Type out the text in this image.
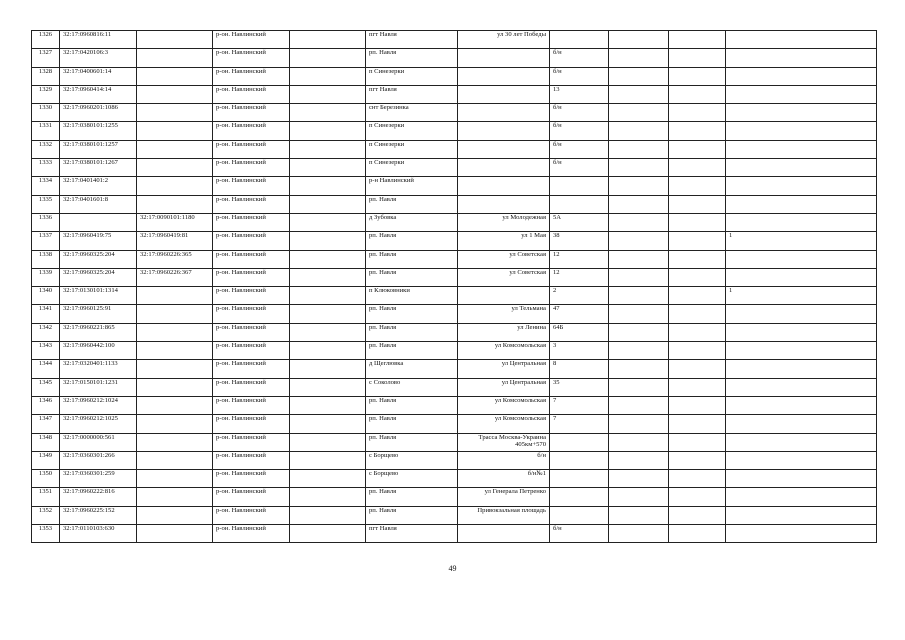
1326	32:17:0960816:11		р-он. Навлинский		пгт Навля	ул 30 лет Победы				
1327	32:17:0420106:3		р-он. Навлинский		рп. Навля		б/н			
1328	32:17:0400601:14		р-он. Навлинский		п Синезерки		б/н			
1329	32:17:0960414:14		р-он. Навлинский		пгт Навля		13			
1330	32:17:0960201:1086		р-он. Навлинский		снт Березинка		б/н			
1331	32:17:0380101:1255		р-он. Навлинский		п Синезерки		б/н			
1332	32:17:0380101:1257		р-он. Навлинский		п Синезерки		б/н			
1333	32:17:0380101:1267		р-он. Навлинский		п Синезерки		б/н			
1334	32:17:0401401:2		р-он. Навлинский		р-н Навлинский					
1335	32:17:0401601:8		р-он. Навлинский		рп. Навля					
1336		32:17:0090101:1180	р-он. Навлинский		д Зубовка	ул Молодежная	5А			
1337	32:17:0960419:75	32:17:0960419:81	р-он. Навлинский		рп. Навля	ул 1 Мая	38			1
1338	32:17:0960325:204	32:17:0960226:365	р-он. Навлинский		рп. Навля	ул Советская	12			
1339	32:17:0960325:204	32:17:0960226:367	р-он. Навлинский		рп. Навля	ул Советская	12			
1340	32:17:0130101:1314		р-он. Навлинский		п Клюковники		2			1
1341	32:17:0960125:91		р-он. Навлинский		рп. Навля	ул Тельмана	47			
1342	32:17:0960221:865		р-он. Навлинский		рп. Навля	ул Ленина	64Б			
1343	32:17:0960442:100		р-он. Навлинский		рп. Навля	ул Комсомольская	3			
1344	32:17:0320401:1133		р-он. Навлинский		д Щеглювка	ул Центральная	8			
1345	32:17:0150101:1231		р-он. Навлинский		с Соколово	ул Центральная	35			
1346	32:17:0960212:1024		р-он. Навлинский		рп. Навля	ул Комсомольская	7			
1347	32:17:0960212:1025		р-он. Навлинский		рп. Навля	ул Комсомольская	7			
1348	32:17:0000000:561		р-он. Навлинский		рп. Навля	Трасса Москва-Украина 405км+570				
1349	32:17:0360301:266		р-он. Навлинский		с Борщево	б/н				
1350	32:17:0360301:259		р-он. Навлинский		с Борщево	б/н№1				
1351	32:17:0960222:816		р-он. Навлинский		рп. Навля	ул Генерала Петренко				
1352	32:17:0960225:152		р-он. Навлинский		рп. Навля	Привокзальная площадь				
1353	32:17:0110103:630		р-он. Навлинский		пгт Навля		б/н			
49
